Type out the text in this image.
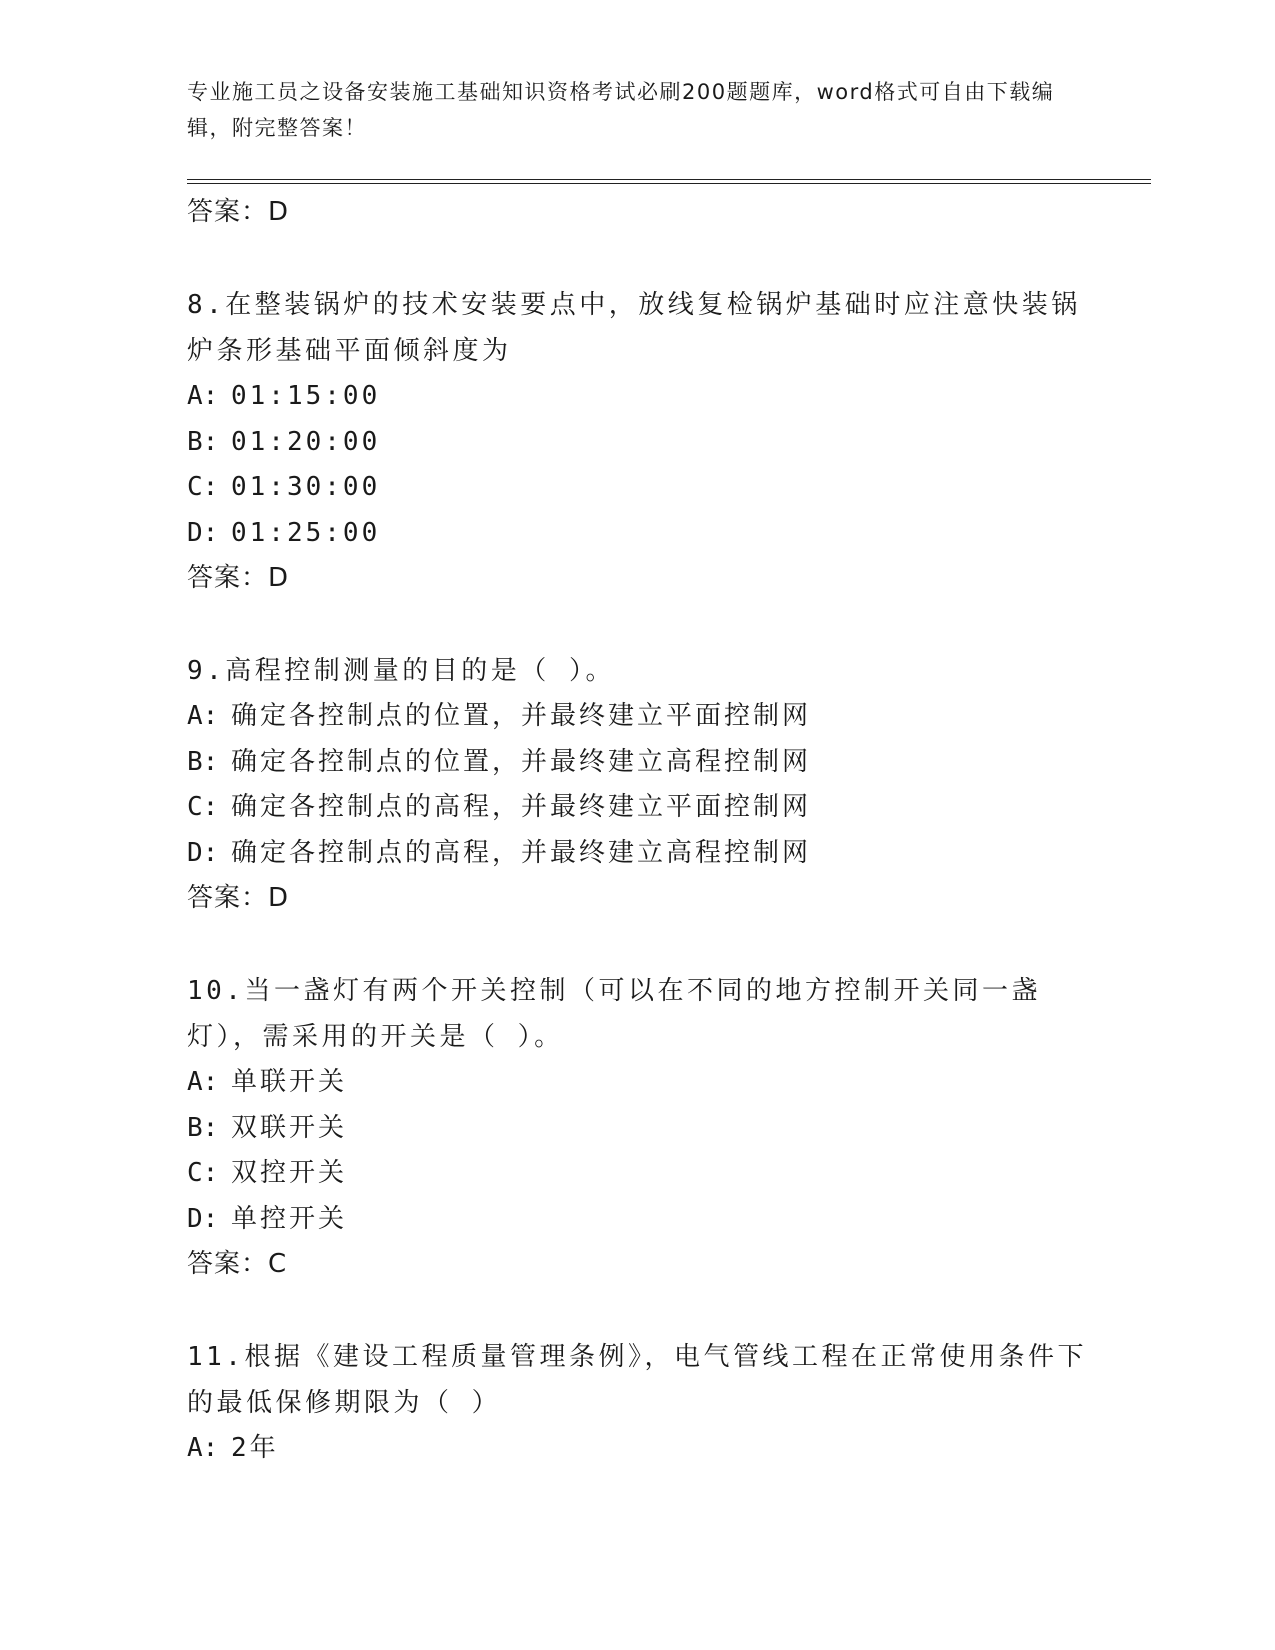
专业施工员之设备安装施工基础知识资格考试必刷200题题库，word格式可自由下载编辑，附完整答案！
答案：D
8.在整装锅炉的技术安装要点中，放线复检锅炉基础时应注意快装锅炉条形基础平面倾斜度为
A: 01:15:00
B: 01:20:00
C: 01:30:00
D: 01:25:00
答案：D
9.高程控制测量的目的是（ ）。
A: 确定各控制点的位置，并最终建立平面控制网
B: 确定各控制点的位置，并最终建立高程控制网
C: 确定各控制点的高程，并最终建立平面控制网
D: 确定各控制点的高程，并最终建立高程控制网
答案：D
10.当一盏灯有两个开关控制（可以在不同的地方控制开关同一盏灯），需采用的开关是（ ）。
A: 单联开关
B: 双联开关
C: 双控开关
D: 单控开关
答案：C
11.根据《建设工程质量管理条例》，电气管线工程在正常使用条件下的最低保修期限为（ ）
A: 2年
